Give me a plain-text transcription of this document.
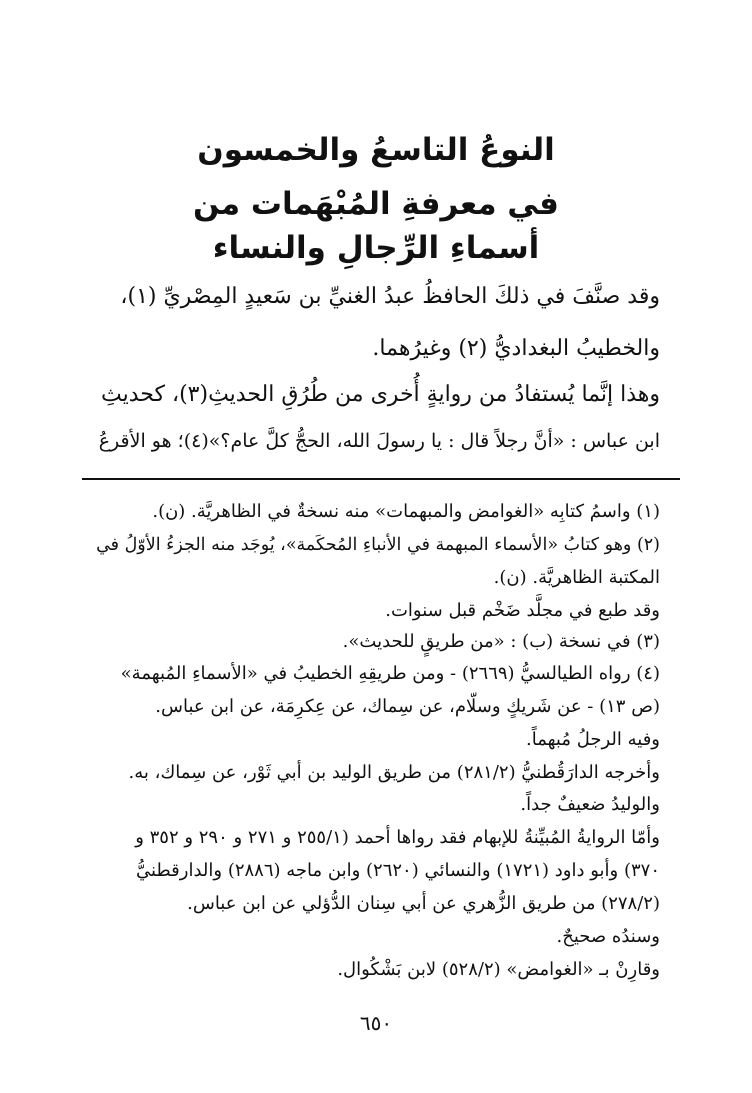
النوعُ التاسعُ والخمسون
في معرفةِ المُبْهَمات من
أسماءِ الرِّجالِ والنساء
وقد صنَّفَ في ذلكَ الحافظُ عبدُ الغنيِّ بن سَعيدٍ المِصْريِّ (١)،
والخطيبُ البغداديُّ (٢) وغيرُهما.
وهذا إنَّما يُستفادُ من روايةٍ أُخرى من طُرُقِ الحديثِ(٣)، كحديثِ
ابن عباس : «أنَّ رجلاً قال : يا رسولَ الله، الحجُّ كلَّ عام؟»(٤)؛ هو الأقرعُ
(١) واسمُ كتابِه «الغوامض والمبهمات» منه نسخةٌ في الظاهريَّة. (ن).
(٢) وهو كتابُ «الأسماء المبهمة في الأنباءِ المُحكَمة»، يُوجَد منه الجزءُ الأوّلُ في
المكتبة الظاهريَّة. (ن).
وقد طبع في مجلَّد ضَخْم قبل سنوات.
(٣) في نسخة (ب) : «من طريقٍ للحديث».
(٤) رواه الطيالسيُّ (٢٦٦٩) - ومن طريقِهِ الخطيبُ في «الأسماءِ المُبهمة»
(ص ١٣) - عن شَريكٍ وسلّام، عن سِماك، عن عِكرِمَة، عن ابن عباس.
وفيه الرجلُ مُبهماً.
وأخرجه الدارَقُطنيُّ (٢٨١/٢) من طريق الوليد بن أبي ثَوْر، عن سِماك، به.
والوليدُ ضعيفٌ جداً.
وأمّا الروايةُ المُبيِّنةُ للإبهام فقد رواها أحمد (٢٥٥/١ و ٢٧١ و ٢٩٠ و ٣٥٢ و
٣٧٠) وأبو داود (١٧٢١) والنسائي (٢٦٢٠) وابن ماجه (٢٨٨٦) والدارقطنيُّ
(٢٧٨/٢) من طريق الزُّهري عن أبي سِنان الدُّؤلي عن ابن عباس.
وسندُه صحيحٌ.
وقارِنْ بـ «الغوامض» (٥٢٨/٢) لابن بَشْكُوال.
٦٥٠
